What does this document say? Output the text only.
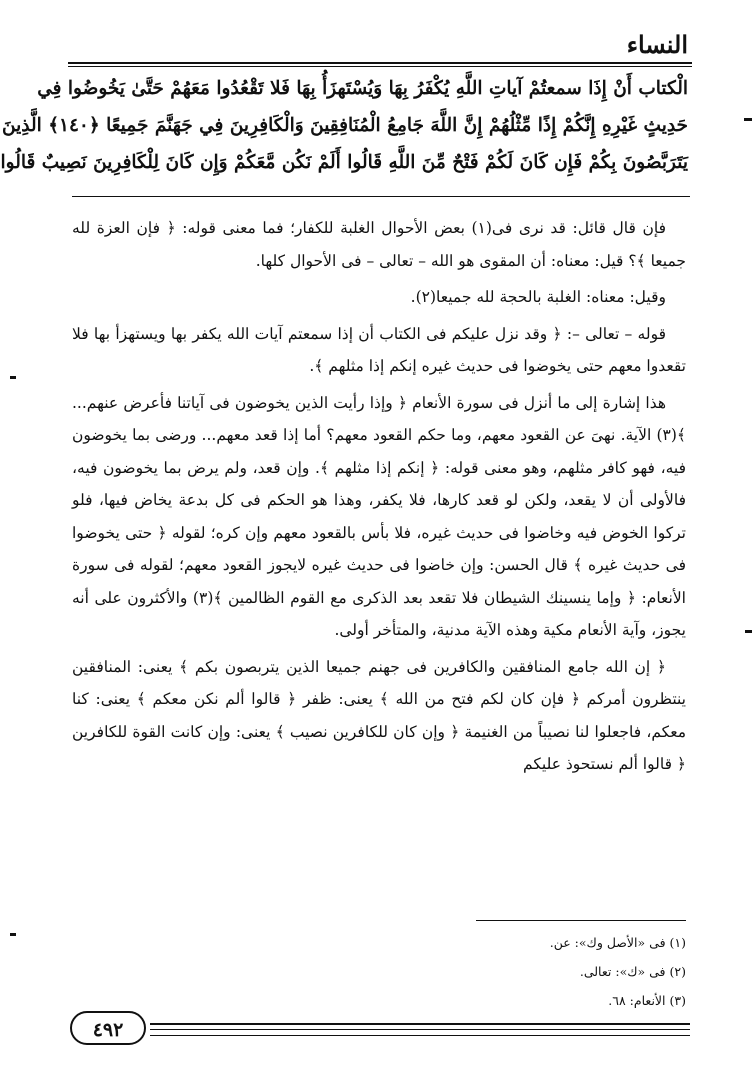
النساء
الْكتاب أَنْ إِذَا سمعتُمْ آياتِ اللَّهِ يُكْفَرُ بِهَا وَيُسْتَهزَأُ بِهَا فَلا تَقْعُدُوا مَعَهُمْ حَتَّىٰ يَخُوضُوا فِي
حَدِيثٍ غَيْرِهِ إِنَّكُمْ إِذًا مِّثْلُهُمْ إِنَّ اللَّهَ جَامِعُ الْمُنَافِقِينَ وَالْكَافِرِينَ فِي جَهَنَّمَ جَمِيعًا ﴿١٤٠﴾ الَّذِينَ
يَتَرَبَّصُونَ بِكُمْ فَإِن كَانَ لَكُمْ فَتْحٌ مِّنَ اللَّهِ قَالُوا أَلَمْ نَكُن مَّعَكُمْ وَإِن كَانَ لِلْكَافِرِينَ نَصِيبٌ قَالُوا

فإن قال قائل: قد نرى فى(١) بعض الأحوال الغلبة للكفار؛ فما معنى قوله: ﴿ فإن العزة لله جميعا ﴾؟ قيل: معناه: أن المقوى هو الله – تعالى – فى الأحوال كلها.

وقيل: معناه: الغلبة بالحجة لله جميعا(٢).

قوله – تعالى –: ﴿ وقد نزل عليكم فى الكتاب أن إذا سمعتم آيات الله يكفر بها ويستهزأ بها فلا تقعدوا معهم حتى يخوضوا فى حديث غيره إنكم إذا مثلهم ﴾.

هذا إشارة إلى ما أنزل فى سورة الأنعام ﴿ وإذا رأيت الذين يخوضون فى آياتنا فأعرض عنهم... ﴾(٣) الآية. نهىَ عن القعود معهم، وما حكم القعود معهم؟ أما إذا قعد معهم... ورضى بما يخوضون فيه، فهو كافر مثلهم، وهو معنى قوله: ﴿ إنكم إذا مثلهم ﴾. وإن قعد، ولم يرض بما يخوضون فيه، فالأولى أن لا يقعد، ولكن لو قعد كارها، فلا يكفر، وهذا هو الحكم فى كل بدعة يخاض فيها، فلو تركوا الخوض فيه وخاضوا فى حديث غيره، فلا بأس بالقعود معهم وإن كره؛ لقوله ﴿ حتى يخوضوا فى حديث غيره ﴾ قال الحسن: وإن خاضوا فى حديث غيره لايجوز القعود معهم؛ لقوله فى سورة الأنعام: ﴿ وإما ينسينك الشيطان فلا تقعد بعد الذكرى مع القوم الظالمين ﴾(٣) والأكثرون على أنه يجوز، وآية الأنعام مكية وهذه الآية مدنية، والمتأخر أولى.

﴿ إن الله جامع المنافقين والكافرين فى جهنم جميعا الذين يتربصون بكم ﴾ يعنى: المنافقين ينتظرون أمركم ﴿ فإن كان لكم فتح من الله ﴾ يعنى: ظفر ﴿ قالوا ألم نكن معكم ﴾ يعنى: كنا معكم، فاجعلوا لنا نصيباً من الغنيمة ﴿ وإن كان للكافرين نصيب ﴾ يعنى: وإن كانت القوة للكافرين ﴿ قالوا ألم نستحوذ عليكم

(١) فى «الأصل وك»: عن.
(٢) فى «ك»: تعالى.
(٣) الأنعام: ٦٨.
٤٩٢
